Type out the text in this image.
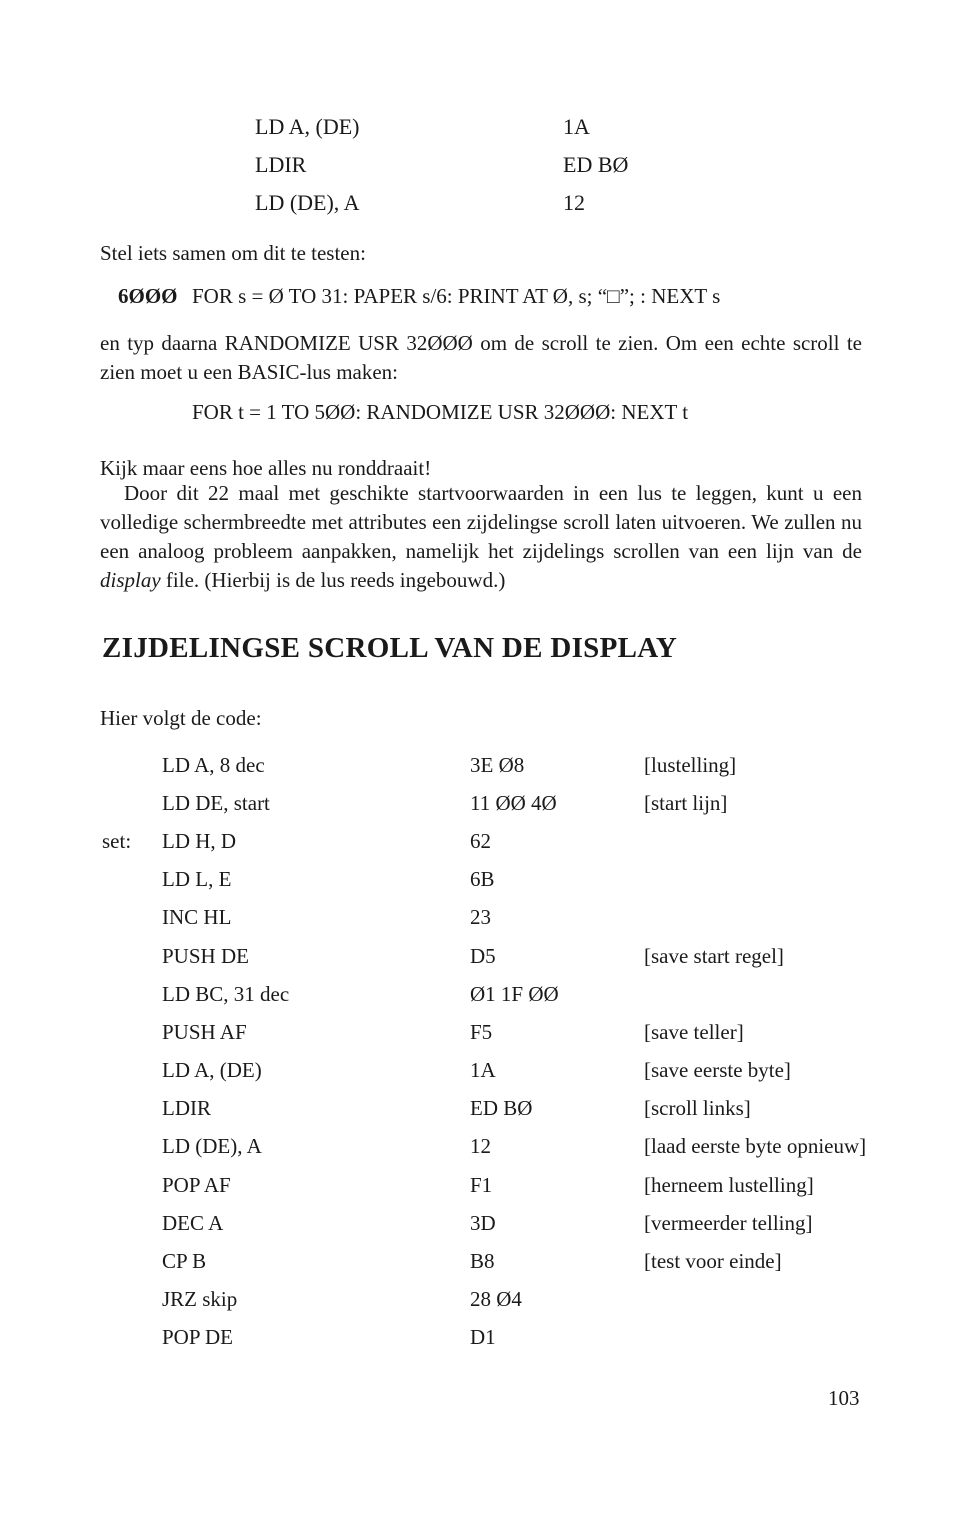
LD A, (DE)	1A
LDIR	ED BØ
LD (DE), A	12

Stel iets samen om dit te testen:

6ØØØ FOR s = Ø TO 31: PAPER s/6: PRINT AT Ø, s; “□”; : NEXT s

en typ daarna RANDOMIZE USR 32ØØØ om de scroll te zien. Om een echte scroll te zien moet u een BASIC-lus maken:

FOR t = 1 TO 5ØØ: RANDOMIZE USR 32ØØØ: NEXT t

Kijk maar eens hoe alles nu ronddraait!

Door dit 22 maal met geschikte startvoorwaarden in een lus te leggen, kunt u een volledige schermbreedte met attributes een zijdelingse scroll laten uitvoeren. We zullen nu een analoog probleem aanpakken, namelijk het zijdelings scrollen van een lijn van de display file. (Hierbij is de lus reeds ingebouwd.)

ZIJDELINGSE SCROLL VAN DE DISPLAY

Hier volgt de code:

LD A, 8 dec	3E Ø8	[lustelling]
LD DE, start	11 ØØ 4Ø	[start lijn]
set:	LD H, D	62
LD L, E	6B
INC HL	23
PUSH DE	D5	[save start regel]
LD BC, 31 dec	Ø1 1F ØØ
PUSH AF	F5	[save teller]
LD A, (DE)	1A	[save eerste byte]
LDIR	ED BØ	[scroll links]
LD (DE), A	12	[laad eerste byte opnieuw]
POP AF	F1	[herneem lustelling]
DEC A	3D	[vermeerder telling]
CP B	B8	[test voor einde]
JRZ skip	28 Ø4
POP DE	D1
103
